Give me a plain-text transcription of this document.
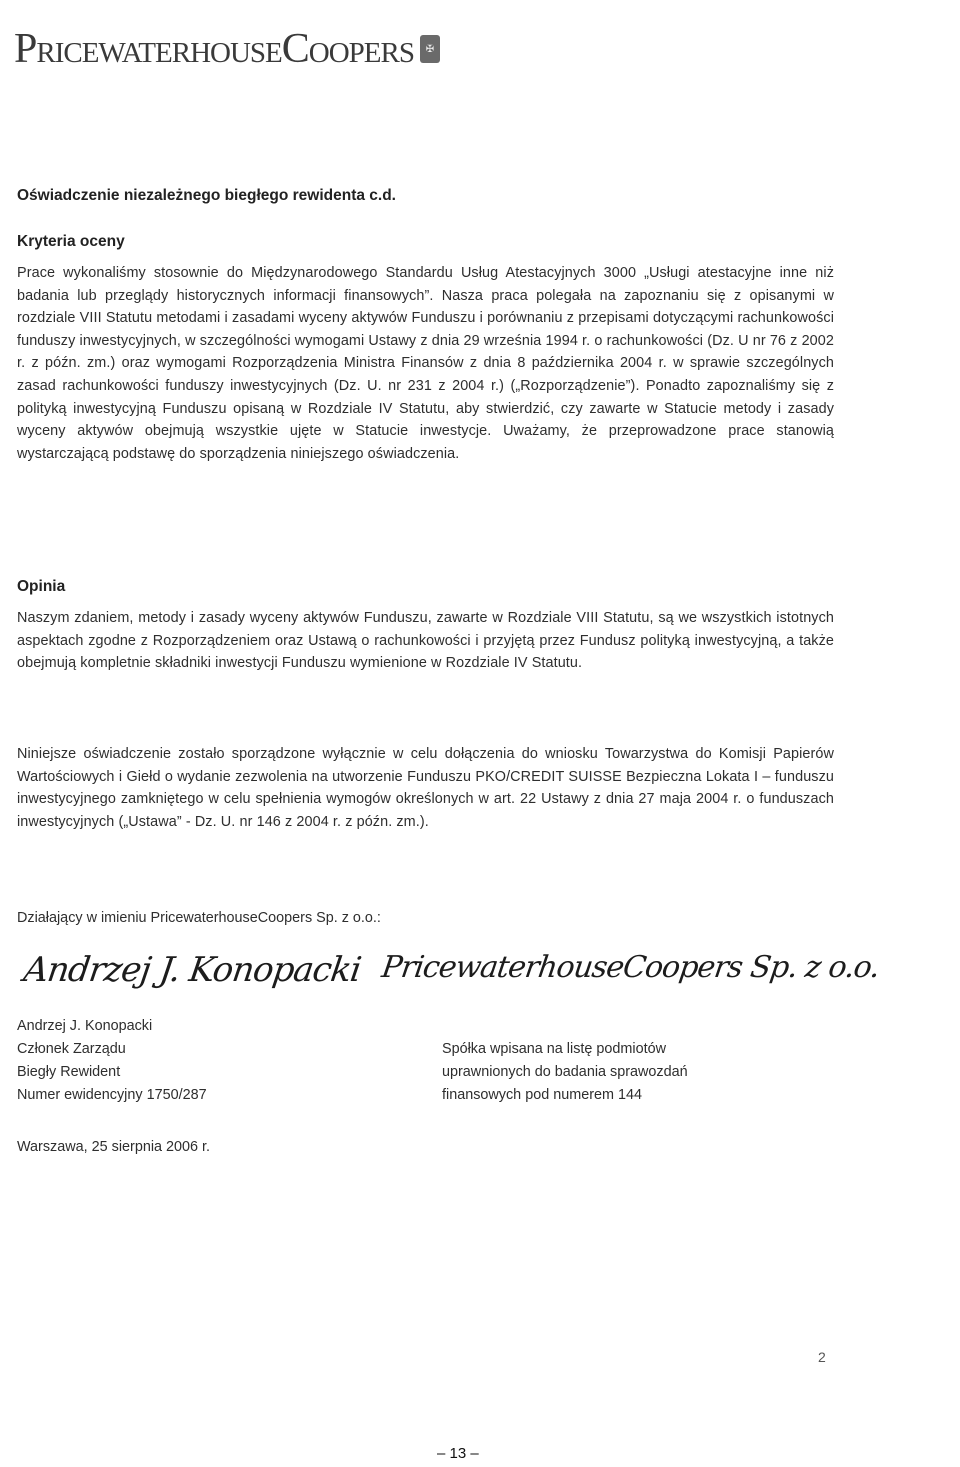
PricewaterhouseCoopers	✠
Oświadczenie niezależnego biegłego rewidenta c.d.
Kryteria oceny
Prace wykonaliśmy stosownie do Międzynarodowego Standardu Usług Atestacyjnych 3000 „Usługi atestacyjne inne niż badania lub przeglądy historycznych informacji finansowych”. Nasza praca polegała na zapoznaniu się z opisanymi w rozdziale VIII Statutu metodami i zasadami wyceny aktywów Funduszu i porównaniu z przepisami dotyczącymi rachunkowości funduszy inwestycyjnych, w szczególności wymogami Ustawy z dnia 29 września 1994 r. o rachunkowości (Dz. U nr 76 z 2002 r. z późn. zm.) oraz wymogami Rozporządzenia Ministra Finansów z dnia 8 października 2004 r. w sprawie szczególnych zasad rachunkowości funduszy inwestycyjnych (Dz. U. nr 231 z 2004 r.) („Rozporządzenie”). Ponadto zapoznaliśmy się z polityką inwestycyjną Funduszu opisaną w Rozdziale IV Statutu, aby stwierdzić, czy zawarte w Statucie metody i zasady wyceny aktywów obejmują wszystkie ujęte w Statucie inwestycje. Uważamy, że przeprowadzone prace stanowią wystarczającą podstawę do sporządzenia niniejszego oświadczenia.
Opinia
Naszym zdaniem, metody i zasady wyceny aktywów Funduszu, zawarte w Rozdziale VIII Statutu, są we wszystkich istotnych aspektach zgodne z Rozporządzeniem oraz Ustawą o rachunkowości i przyjętą przez Fundusz polityką inwestycyjną, a także obejmują kompletnie składniki inwestycji Funduszu wymienione w Rozdziale IV Statutu.
Niniejsze oświadczenie zostało sporządzone wyłącznie w celu dołączenia do wniosku Towarzystwa do Komisji Papierów Wartościowych i Giełd o wydanie zezwolenia na utworzenie Funduszu PKO/CREDIT SUISSE Bezpieczna Lokata I – funduszu inwestycyjnego zamkniętego w celu spełnienia wymogów określonych w art. 22 Ustawy z dnia 27 maja 2004 r. o funduszach inwestycyjnych („Ustawa” - Dz. U. nr 146 z 2004 r. z późn. zm.).
Działający w imieniu PricewaterhouseCoopers Sp. z o.o.:
Andrzej J. Konopacki PricewaterhouseCoopers Sp. z o.o.
Andrzej J. Konopacki
Członek Zarządu
Biegły Rewident
Numer ewidencyjny 1750/287
Spółka wpisana na listę podmiotów
uprawnionych do badania sprawozdań
finansowych pod numerem 144
Warszawa, 25 sierpnia 2006 r.
2
– 13 –
